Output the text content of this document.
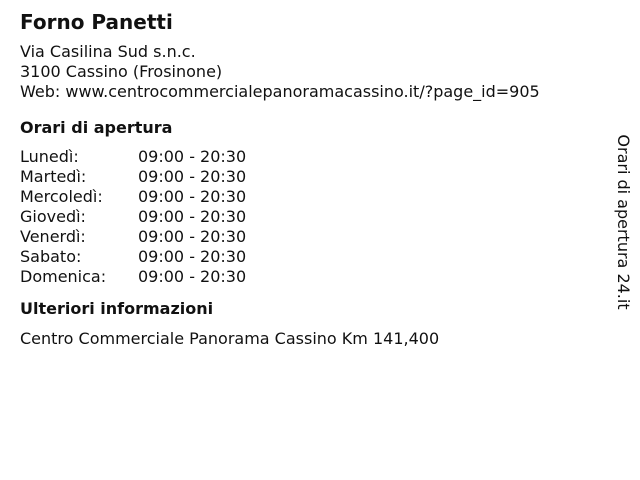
Forno Panetti
Via Casilina Sud s.n.c.
3100 Cassino (Frosinone)
Web: www.centrocommercialepanoramacassino.it/?page_id=905
Orari di apertura
Lunedì:	09:00 - 20:30
Martedì:	09:00 - 20:30
Mercoledì:	09:00 - 20:30
Giovedì:	09:00 - 20:30
Venerdì:	09:00 - 20:30
Sabato:	09:00 - 20:30
Domenica:	09:00 - 20:30
Ulteriori informazioni
Centro Commerciale Panorama Cassino Km 141,400
Orari di apertura 24.it
